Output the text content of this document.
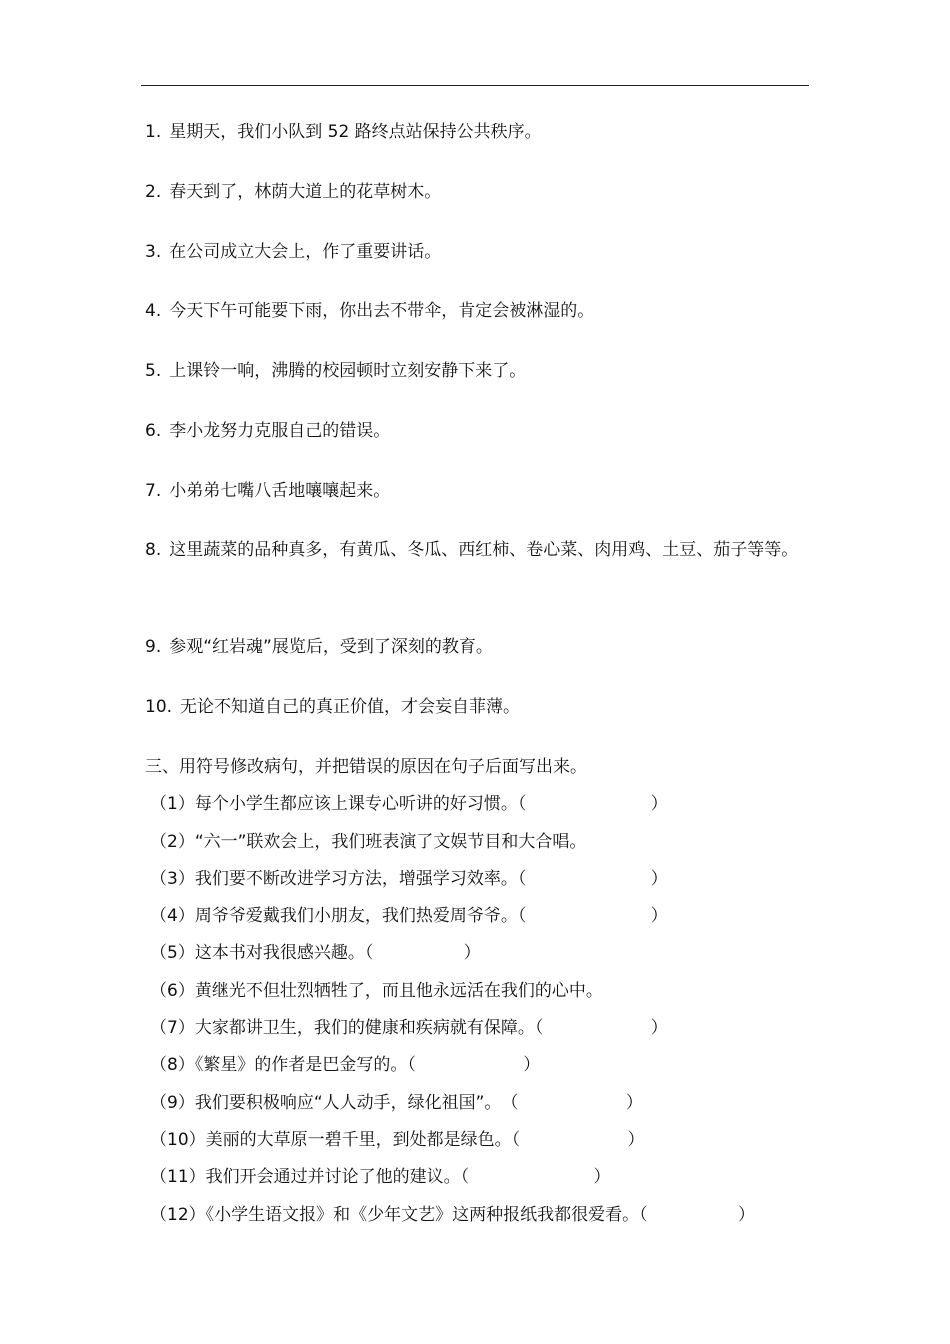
1. 星期天，我们小队到 52 路终点站保持公共秩序。
2. 春天到了，林荫大道上的花草树木。
3. 在公司成立大会上，作了重要讲话。
4. 今天下午可能要下雨，你出去不带伞，肯定会被淋湿的。
5. 上课铃一响，沸腾的校园顿时立刻安静下来了。
6. 李小龙努力克服自己的错误。
7. 小弟弟七嘴八舌地嚷嚷起来。
8. 这里蔬菜的品种真多，有黄瓜、冬瓜、西红柿、卷心菜、肉用鸡、土豆、茄子等等。
9. 参观“红岩魂”展览后，受到了深刻的教育。
10. 无论不知道自己的真正价值，才会妄自菲薄。
三、用符号修改病句，并把错误的原因在句子后面写出来。
（1）每个小学生都应该上课专心听讲的好习惯。（　　　　　　　 ）
（2）“六一”联欢会上，我们班表演了文娱节目和大合唱。
（3）我们要不断改进学习方法，增强学习效率。（　　　　　　　 ）
（4）周爷爷爱戴我们小朋友，我们热爱周爷爷。（　　　　　　　 ）
（5）这本书对我很感兴趣。（　　　　　 ）
（6）黄继光不但壮烈牺牲了，而且他永远活在我们的心中。
（7）大家都讲卫生，我们的健康和疾病就有保障。（　　　　　　 ）
（8）《繁星》的作者是巴金写的。（　　　　　　 ）
（9）我们要积极响应“人人动手，绿化祖国”。　（　　　　　　 ）
（10）美丽的大草原一碧千里，到处都是绿色。（　　　　　　 ）
（11）我们开会通过并讨论了他的建议。（　　　　　　　 ）
（12）《小学生语文报》和《少年文艺》这两种报纸我都很爱看。（　　　　　 ）
